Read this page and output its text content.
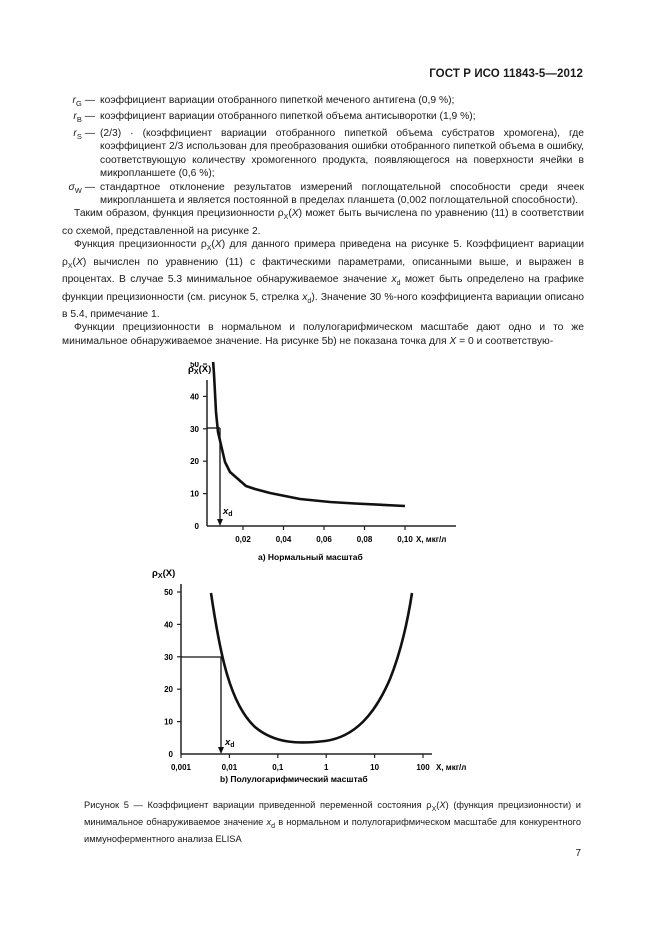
ГОСТ Р ИСО 11843-5—2012
$r_G$ — коэффициент вариации отобранного пипеткой меченого антигена (0,9 %);
$r_B$ — коэффициент вариации отобранного пипеткой объема антисыворотки (1,9 %);
$r_S$ — (2/3) · (коэффициент вариации отобранного пипеткой объема субстратов хромогена), где коэффициент 2/3 использован для преобразования ошибки отобранного пипеткой объема в ошибку, соответствующую количеству хромогенного продукта, появляющегося на поверхности ячейки в микропланшете (0,6 %);
$\sigma_W$ — стандартное отклонение результатов измерений поглощательной способности среди ячеек микропланшета и является постоянной в пределах планшета (0,002 поглощательной способности).

Таким образом, функция прецизионности $\rho_X(X)$ может быть вычислена по уравнению (11) в соответствии со схемой, представленной на рисунке 2.

Функция прецизионности $\rho_X(X)$ для данного примера приведена на рисунке 5. Коэффициент вариации $\rho_X(X)$ вычислен по уравнению (11) с фактическими параметрами, описанными выше, и выражен в процентах. В случае 5.3 минимальное обнаруживаемое значение $x_d$ может быть определено на графике функции прецизионности (см. рисунок 5, стрелка $x_d$). Значение 30 %-ного коэффициента вариации описано в 5.4, примечание 1.

Функции прецизионности в нормальном и полулогарифмическом масштабе дают одно и то же минимальное обнаруживаемое значение. На рисунке 5b) не показана точка для X = 0 и соответствую-

$\rho_X(X)$
0
10
20
30
40
50
0,02	0,04	0,06	0,08	0,10
$x_d$
X, мкг/л
a) Нормальный масштаб
$\rho_X(X)$
0
10
20
30
40
50
0,001	0,01	0,1	1	10	100
$x_d$
X, мкг/л
b) Полулогарифмический масштаб
Рисунок 5 — Коэффициент вариации приведенной переменной состояния $\rho_X(X)$ (функция прецизионности) и минимальное обнаруживаемое значение $x_d$ в нормальном и полулогарифмическом масштабе для конкурентного иммуноферментного анализа ELISA
7
